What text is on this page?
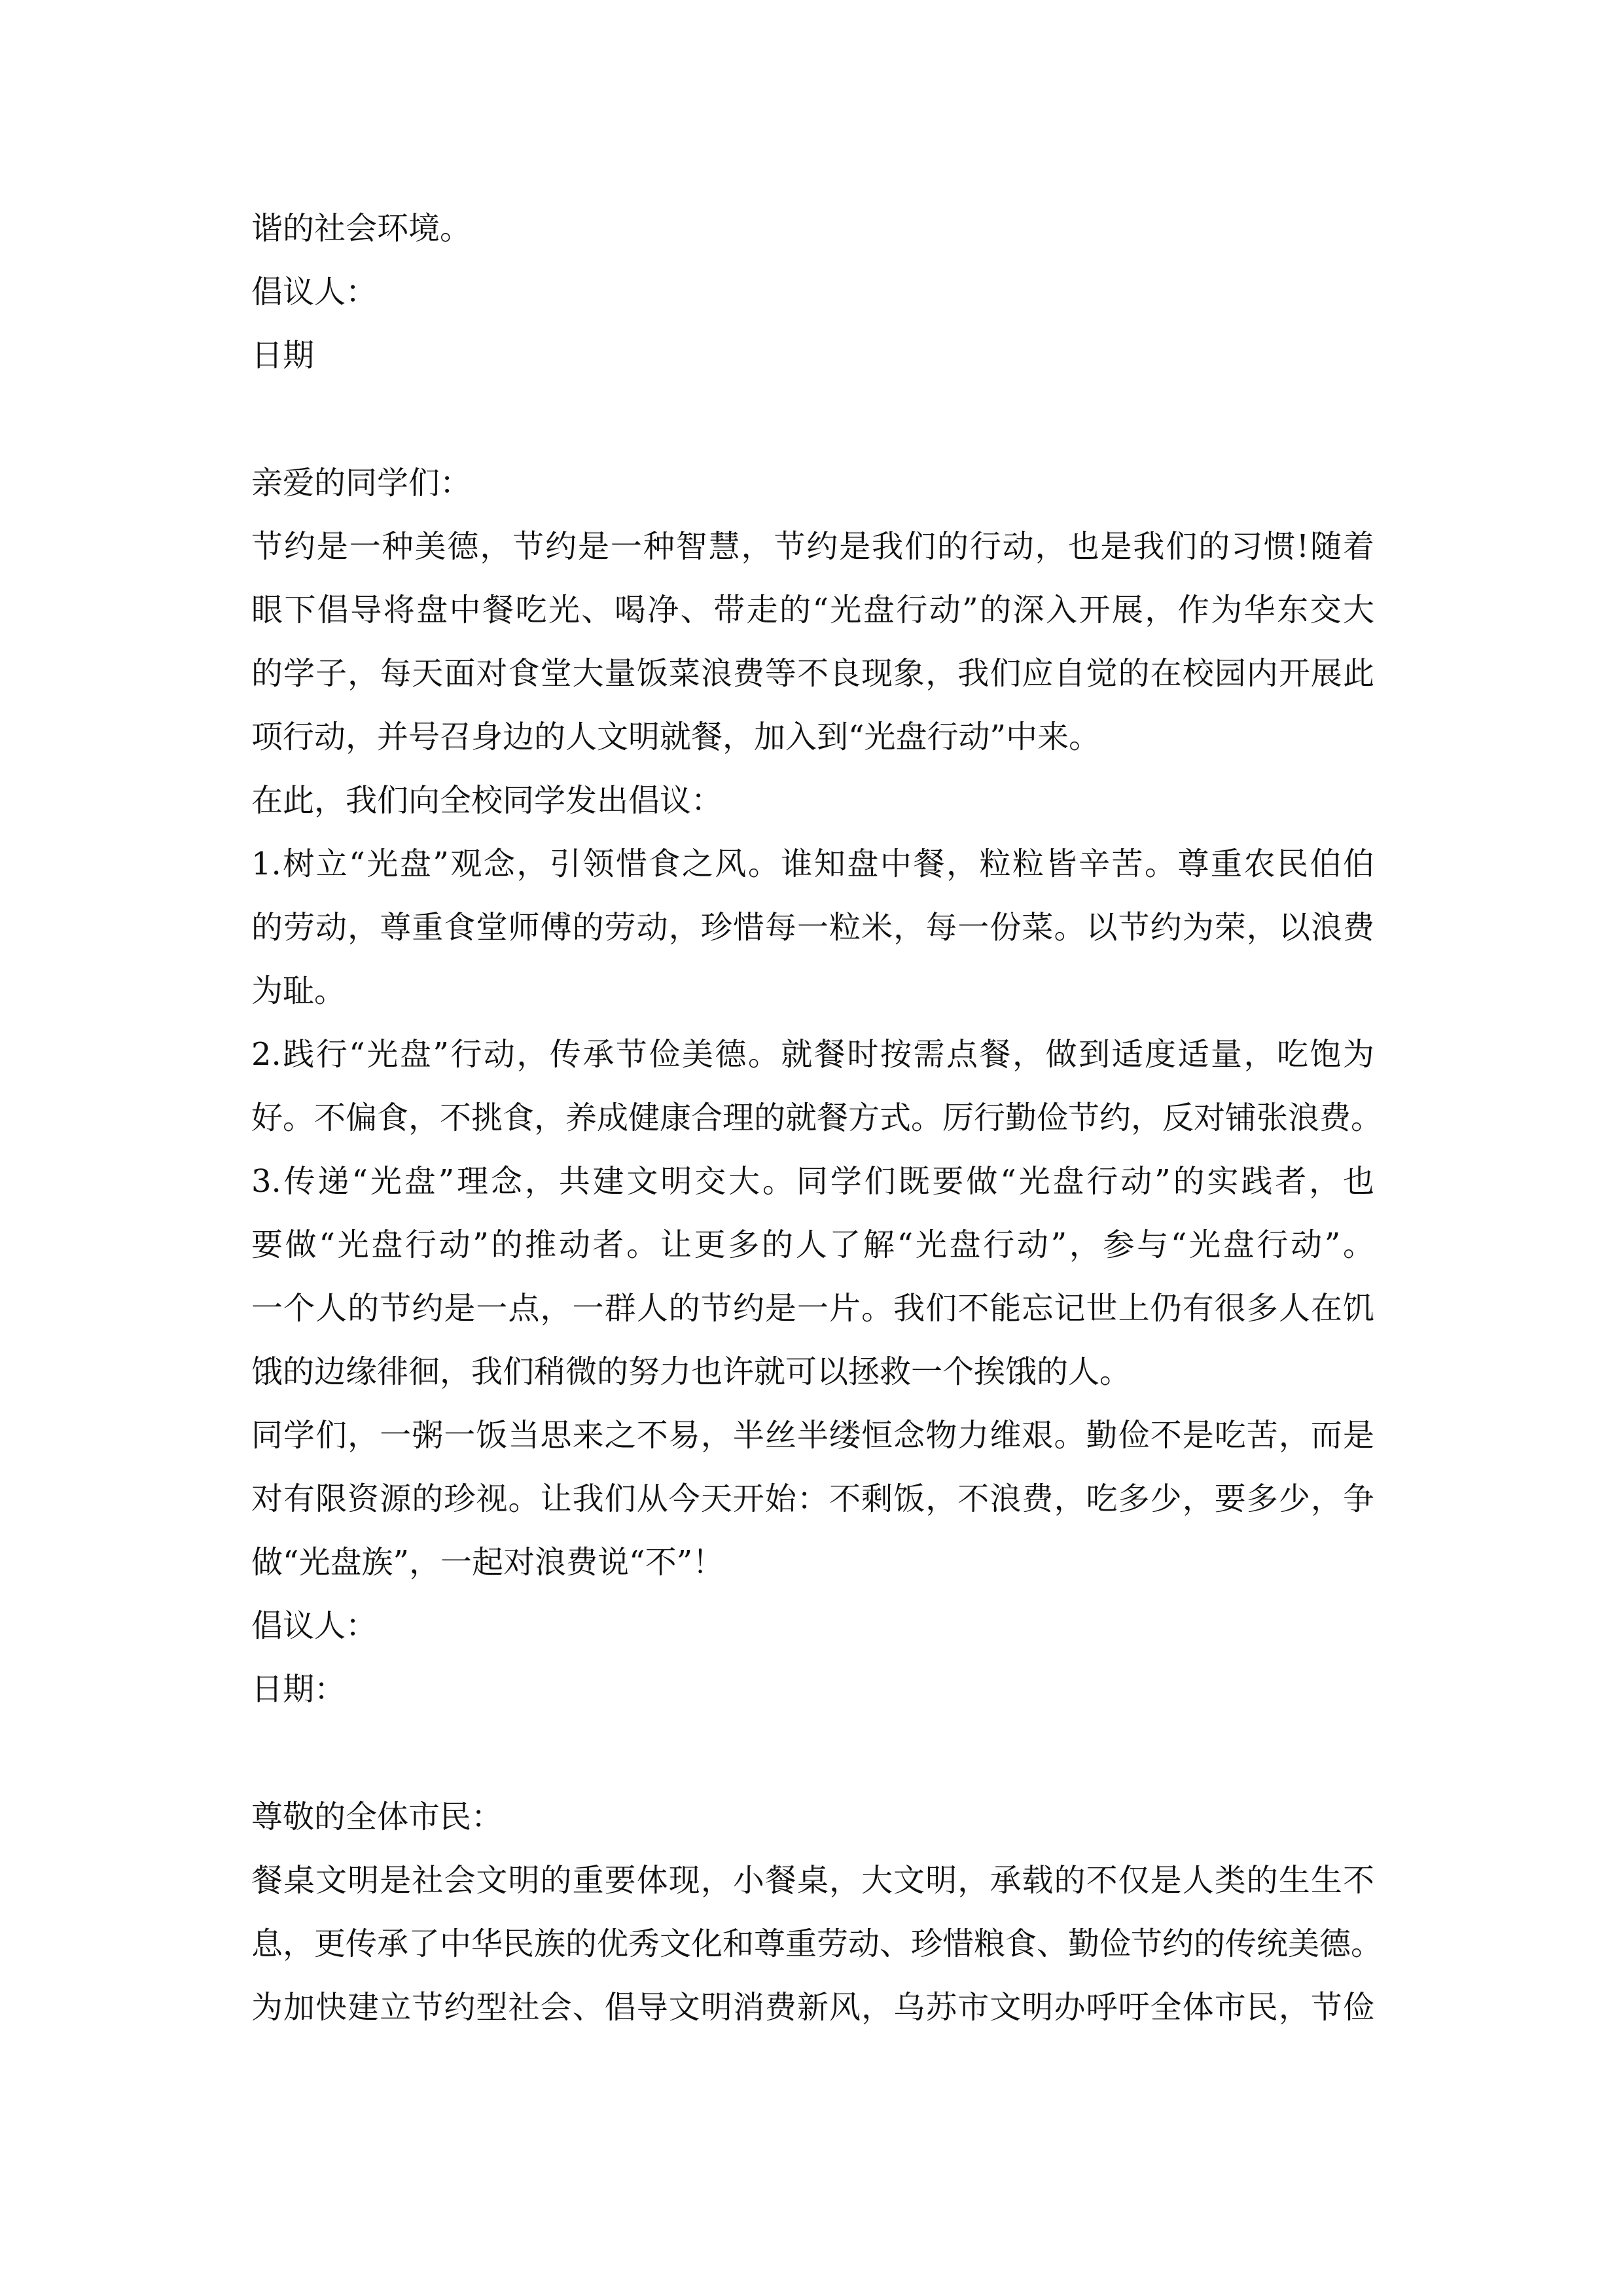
谐的社会环境。
倡议人：
日期
亲爱的同学们：
节约是一种美德，节约是一种智慧，节约是我们的行动，也是我们的习惯!随着
眼下倡导将盘中餐吃光、喝净、带走的“光盘行动”的深入开展，作为华东交大
的学子，每天面对食堂大量饭菜浪费等不良现象，我们应自觉的在校园内开展此
项行动，并号召身边的人文明就餐，加入到“光盘行动”中来。
在此，我们向全校同学发出倡议：
1.树立“光盘”观念，引领惜食之风。谁知盘中餐，粒粒皆辛苦。尊重农民伯伯
的劳动，尊重食堂师傅的劳动，珍惜每一粒米，每一份菜。以节约为荣，以浪费
为耻。
2.践行“光盘”行动，传承节俭美德。就餐时按需点餐，做到适度适量，吃饱为
好。不偏食，不挑食，养成健康合理的就餐方式。厉行勤俭节约，反对铺张浪费。
3.传递“光盘”理念，共建文明交大。同学们既要做“光盘行动”的实践者，也
要做“光盘行动”的推动者。让更多的人了解“光盘行动”，参与“光盘行动”。
一个人的节约是一点，一群人的节约是一片。我们不能忘记世上仍有很多人在饥
饿的边缘徘徊，我们稍微的努力也许就可以拯救一个挨饿的人。
同学们，一粥一饭当思来之不易，半丝半缕恒念物力维艰。勤俭不是吃苦，而是
对有限资源的珍视。让我们从今天开始：不剩饭，不浪费，吃多少，要多少，争
做“光盘族”，一起对浪费说“不”！
倡议人：
日期：
尊敬的全体市民：
餐桌文明是社会文明的重要体现，小餐桌，大文明，承载的不仅是人类的生生不
息，更传承了中华民族的优秀文化和尊重劳动、珍惜粮食、勤俭节约的传统美德。
为加快建立节约型社会、倡导文明消费新风，乌苏市文明办呼吁全体市民，节俭
